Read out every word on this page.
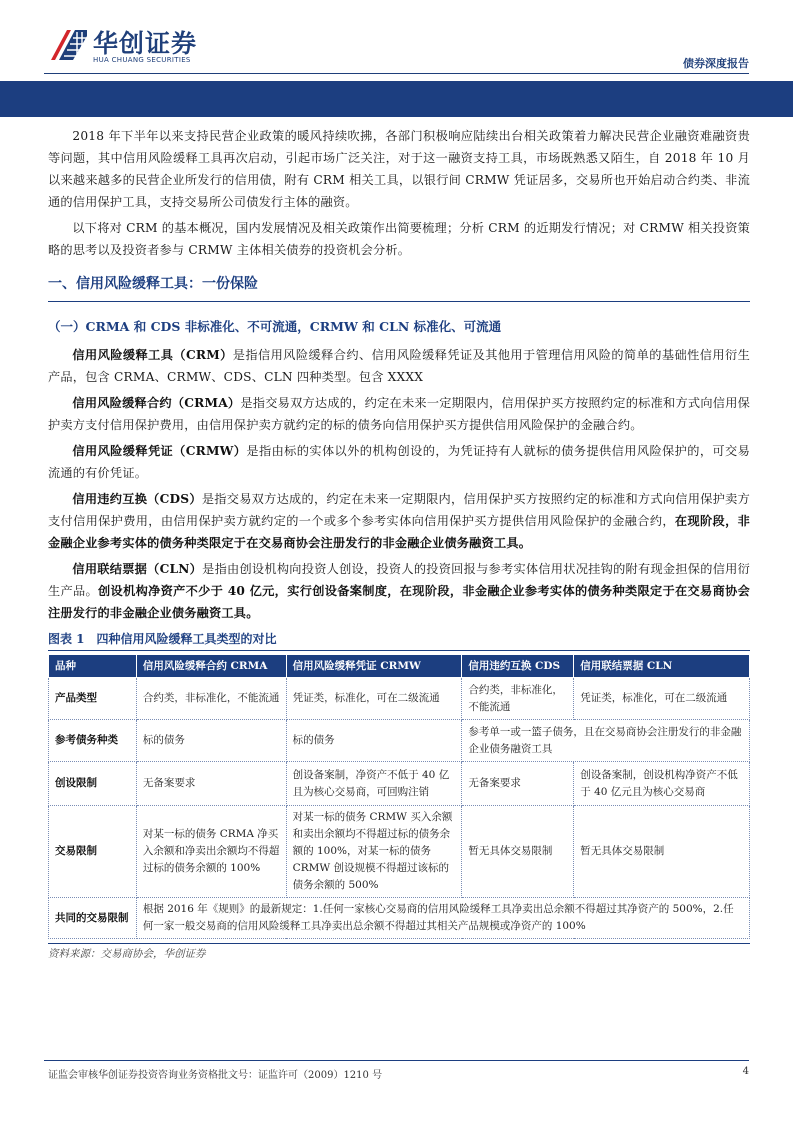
华创证券
HUA CHUANG SECURITIES	债券深度报告

2018 年下半年以来支持民营企业政策的暖风持续吹拂，各部门积极响应陆续出台相关政策着力解决民营企业融资难融资贵等问题，其中信用风险缓释工具再次启动，引起市场广泛关注，对于这一融资支持工具，市场既熟悉又陌生，自 2018 年 10 月以来越来越多的民营企业所发行的信用债，附有 CRM 相关工具，以银行间 CRMW 凭证居多，交易所也开始启动合约类、非流通的信用保护工具，支持交易所公司债发行主体的融资。

以下将对 CRM 的基本概况，国内发展情况及相关政策作出简要梳理；分析 CRM 的近期发行情况；对 CRMW 相关投资策略的思考以及投资者参与 CRMW 主体相关债券的投资机会分析。

一、信用风险缓释工具：一份保险
（一）CRMA 和 CDS 非标准化、不可流通，CRMW 和 CLN 标准化、可流通

信用风险缓释工具（CRM）是指信用风险缓释合约、信用风险缓释凭证及其他用于管理信用风险的简单的基础性信用衍生产品，包含 CRMA、CRMW、CDS、CLN 四种类型。包含 XXXX

信用风险缓释合约（CRMA）是指交易双方达成的，约定在未来一定期限内，信用保护买方按照约定的标准和方式向信用保护卖方支付信用保护费用，由信用保护卖方就约定的标的债务向信用保护买方提供信用风险保护的金融合约。

信用风险缓释凭证（CRMW）是指由标的实体以外的机构创设的，为凭证持有人就标的债务提供信用风险保护的，可交易流通的有价凭证。

信用违约互换（CDS）是指交易双方达成的，约定在未来一定期限内，信用保护买方按照约定的标准和方式向信用保护卖方支付信用保护费用，由信用保护卖方就约定的一个或多个参考实体向信用保护买方提供信用风险保护的金融合约，在现阶段，非金融企业参考实体的债务种类限定于在交易商协会注册发行的非金融企业债务融资工具。

信用联结票据（CLN）是指由创设机构向投资人创设，投资人的投资回报与参考实体信用状况挂钩的附有现金担保的信用衍生产品。创设机构净资产不少于 40 亿元，实行创设备案制度，在现阶段，非金融企业参考实体的债务种类限定于在交易商协会注册发行的非金融企业债务融资工具。

图表 1　四种信用风险缓释工具类型的对比
品种	信用风险缓释合约 CRMA	信用风险缓释凭证 CRMW	信用违约互换 CDS	信用联结票据 CLN
产品类型	合约类，非标准化，不能流通	凭证类，标准化，可在二级流通	合约类，非标准化，不能流通	凭证类，标准化，可在二级流通
参考债务种类	标的债务	标的债务	参考单一或一篮子债务，且在交易商协会注册发行的非金融企业债务融资工具	
创设限制	无备案要求	创设备案制，净资产不低于 40 亿且为核心交易商，可回购注销	无备案要求	创设备案制，创设机构净资产不低于 40 亿元且为核心交易商
交易限制	对某一标的债务 CRMA 净买入余额和净卖出余额均不得超过标的债务余额的 100%	对某一标的债务 CRMW 买入余额和卖出余额均不得超过标的债务余额的 100%，对某一标的债务 CRMW 创设规模不得超过该标的债务余额的 500%	暂无具体交易限制	暂无具体交易限制
共同的交易限制	根据 2016 年《规则》的最新规定：1.任何一家核心交易商的信用风险缓释工具净卖出总余额不得超过其净资产的 500%，2.任何一家一般交易商的信用风险缓释工具净卖出总余额不得超过其相关产品规模或净资产的 100%			
资料来源：交易商协会，华创证券
证监会审核华创证券投资咨询业务资格批文号：证监许可（2009）1210 号	4
